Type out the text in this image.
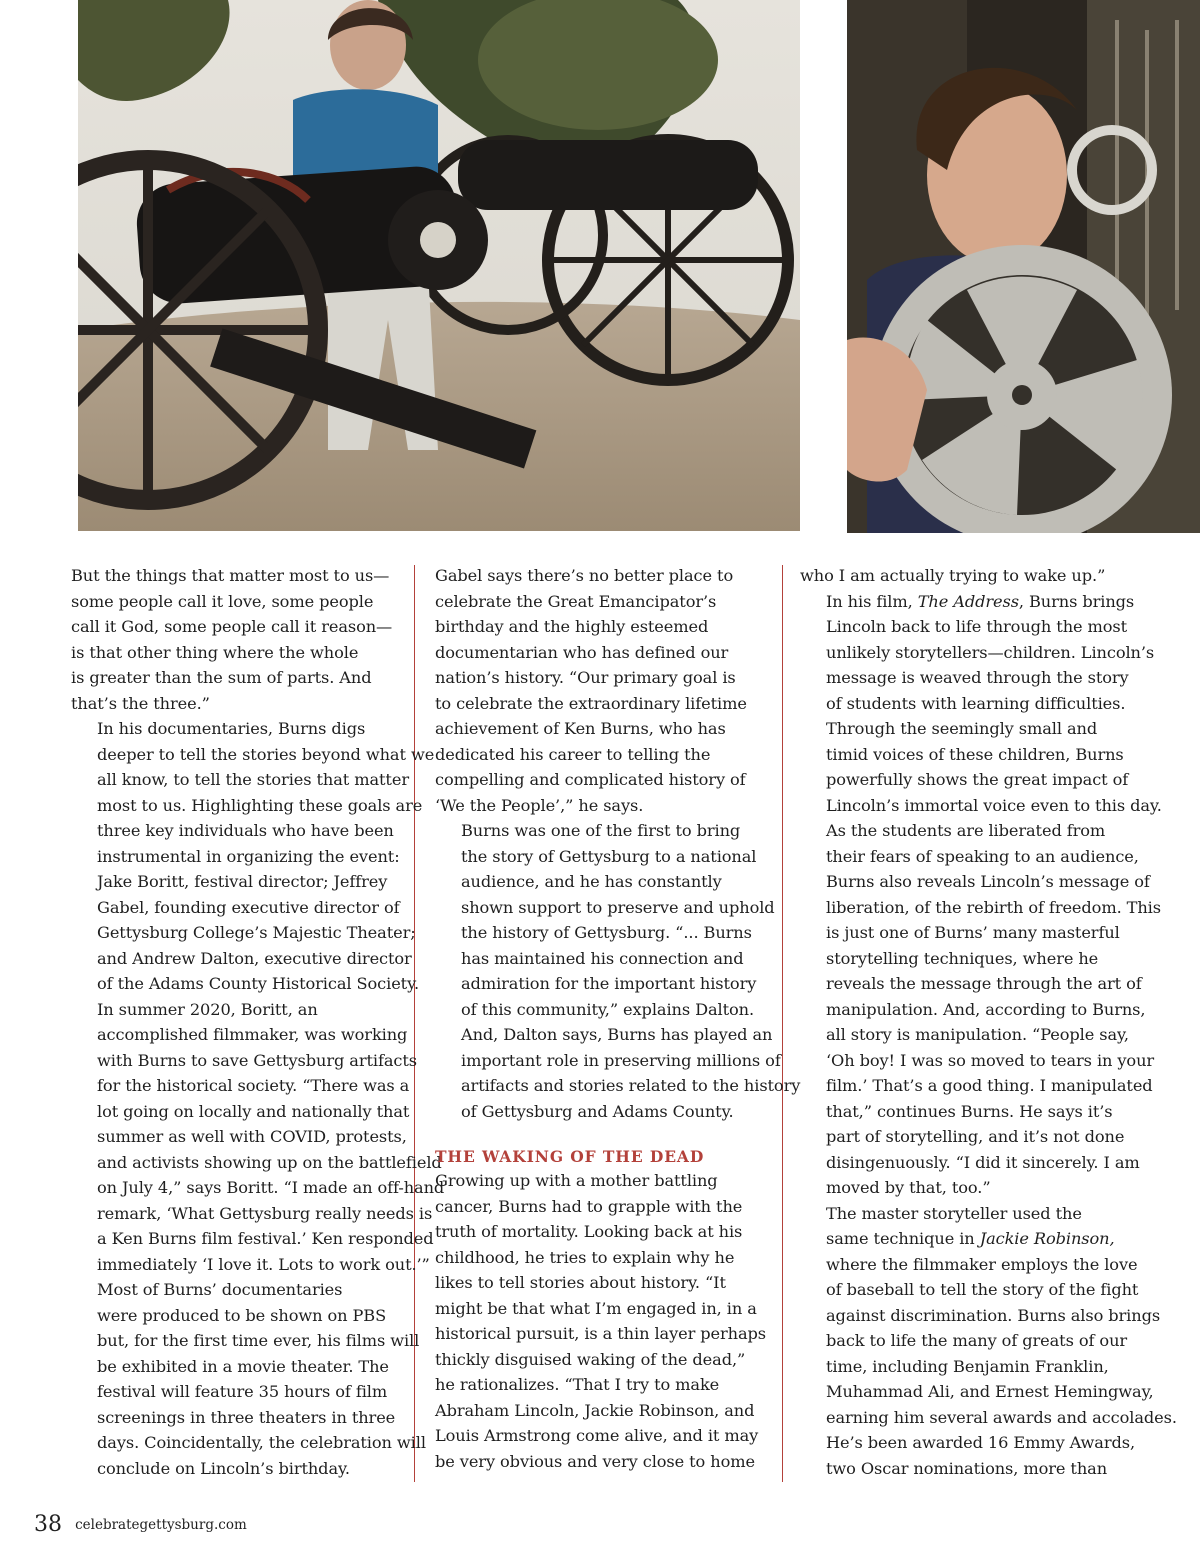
But the things that matter most to us—
some people call it love, some people
call it God, some people call it reason—
is that other thing where the whole
is greater than the sum of parts. And
that’s the three.”

In his documentaries, Burns digs
deeper to tell the stories beyond what we
all know, to tell the stories that matter
most to us. Highlighting these goals are
three key individuals who have been
instrumental in organizing the event:
Jake Boritt, festival director; Jeffrey
Gabel, founding executive director of
Gettysburg College’s Majestic Theater;
and Andrew Dalton, executive director
of the Adams County Historical Society.

In summer 2020, Boritt, an
accomplished filmmaker, was working
with Burns to save Gettysburg artifacts
for the historical society. “There was a
lot going on locally and nationally that
summer as well with COVID, protests,
and activists showing up on the battlefield
on July 4,” says Boritt. “I made an off-hand
remark, ‘What Gettysburg really needs is
a Ken Burns film festival.’ Ken responded
immediately ‘I love it. Lots to work out.’”

Most of Burns’ documentaries
were produced to be shown on PBS
but, for the first time ever, his films will
be exhibited in a movie theater. The
festival will feature 35 hours of film
screenings in three theaters in three
days. Coincidentally, the celebration will
conclude on Lincoln’s birthday.

Gabel says there’s no better place to
celebrate the Great Emancipator’s
birthday and the highly esteemed
documentarian who has defined our
nation’s history. “Our primary goal is
to celebrate the extraordinary lifetime
achievement of Ken Burns, who has
dedicated his career to telling the
compelling and complicated history of
‘We the People’,” he says.

Burns was one of the first to bring
the story of Gettysburg to a national
audience, and he has constantly
shown support to preserve and uphold
the history of Gettysburg. “... Burns
has maintained his connection and
admiration for the important history
of this community,” explains Dalton.
And, Dalton says, Burns has played an
important role in preserving millions of
artifacts and stories related to the history
of Gettysburg and Adams County.

THE WAKING OF THE DEAD

Growing up with a mother battling
cancer, Burns had to grapple with the
truth of mortality. Looking back at his
childhood, he tries to explain why he
likes to tell stories about history. “It
might be that what I’m engaged in, in a
historical pursuit, is a thin layer perhaps
thickly disguised waking of the dead,”
he rationalizes. “That I try to make
Abraham Lincoln, Jackie Robinson, and
Louis Armstrong come alive, and it may
be very obvious and very close to home

who I am actually trying to wake up.”

In his film, The Address, Burns brings
Lincoln back to life through the most
unlikely storytellers—children. Lincoln’s
message is weaved through the story
of students with learning difficulties.
Through the seemingly small and
timid voices of these children, Burns
powerfully shows the great impact of
Lincoln’s immortal voice even to this day.

As the students are liberated from
their fears of speaking to an audience,
Burns also reveals Lincoln’s message of
liberation, of the rebirth of freedom. This
is just one of Burns’ many masterful
storytelling techniques, where he
reveals the message through the art of
manipulation. And, according to Burns,
all story is manipulation. “People say,
‘Oh boy! I was so moved to tears in your
film.’ That’s a good thing. I manipulated
that,” continues Burns. He says it’s
part of storytelling, and it’s not done
disingenuously. “I did it sincerely. I am
moved by that, too.”

The master storyteller used the
same technique in Jackie Robinson,
where the filmmaker employs the love
of baseball to tell the story of the fight
against discrimination. Burns also brings
back to life the many of greats of our
time, including Benjamin Franklin,
Muhammad Ali, and Ernest Hemingway,
earning him several awards and accolades.
He’s been awarded 16 Emmy Awards,
two Oscar nominations, more than

38 celebrategettysburg.com
